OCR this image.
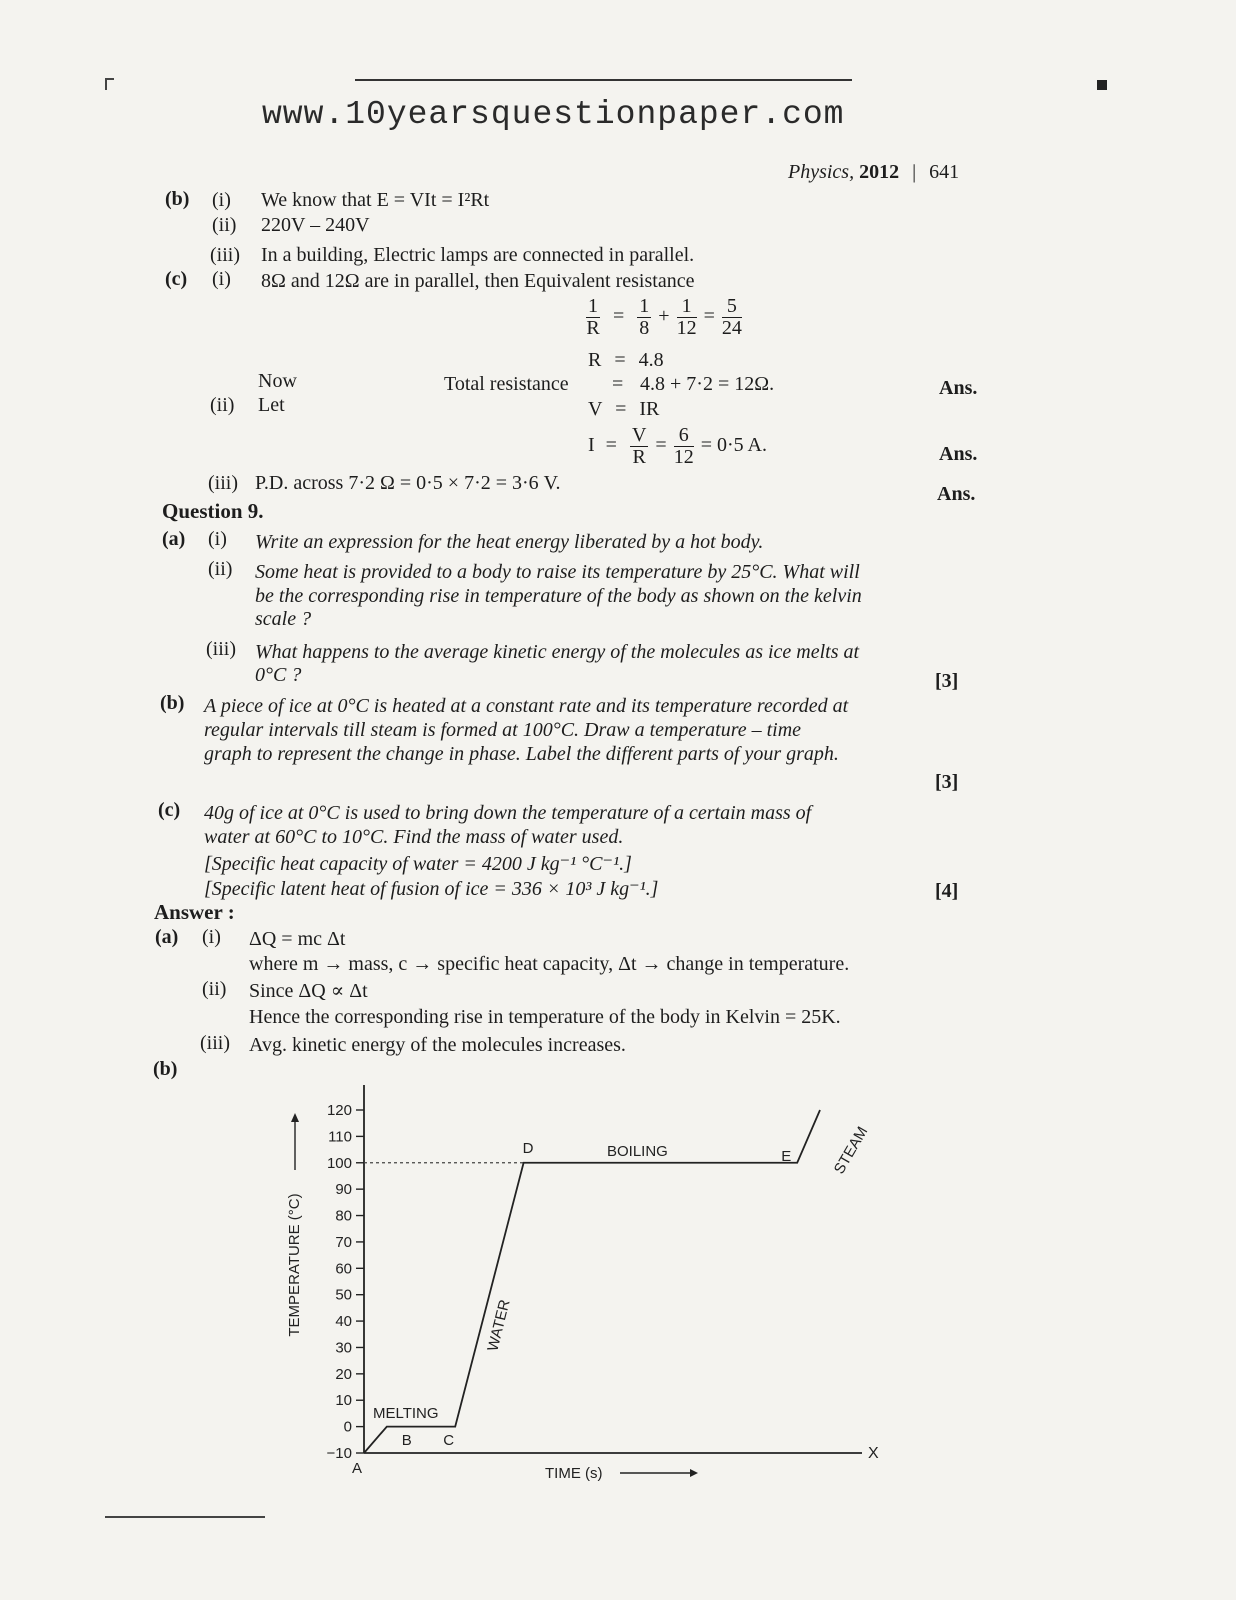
www.10yearsquestionpaper.com
Physics, 2012 | 641
(b) (i) We know that E = VIt = I²Rt
(ii) 220V – 240V
(iii) In a building, Electric lamps are connected in parallel.
(c) (i) 8Ω and 12Ω are in parallel, then Equivalent resistance
$\frac{1}{R} = \frac{1}{8} + \frac{1}{12} = \frac{5}{24}$
R = 4.8
Now	Total resistance = 4.8 + 7·2 = 12Ω.	Ans.
(ii) Let	V = IR
$I = \frac{V}{R} = \frac{6}{12} = 0\cdot 5$ A.	Ans.
(iii) P.D. across 7·2 Ω = 0·5 × 7·2 = 3·6 V.	Ans.
Question 9.
(a) (i) Write an expression for the heat energy liberated by a hot body.
(ii) Some heat is provided to a body to raise its temperature by 25°C. What will
be the corresponding rise in temperature of the body as shown on the kelvin
scale ?
(iii) What happens to the average kinetic energy of the molecules as ice melts at
0°C ?	[3]
(b) A piece of ice at 0°C is heated at a constant rate and its temperature recorded at
regular intervals till steam is formed at 100°C. Draw a temperature – time
graph to represent the change in phase. Label the different parts of your graph.
[3]
(c) 40g of ice at 0°C is used to bring down the temperature of a certain mass of
water at 60°C to 10°C. Find the mass of water used.
[Specific heat capacity of water = 4200 J kg⁻¹ °C⁻¹.]
[Specific latent heat of fusion of ice = 336 × 10³ J kg⁻¹.]	[4]
Answer :
(a) (i) ΔQ = mc Δt
where m → mass, c → specific heat capacity, Δt → change in temperature.
(ii) Since ΔQ ∝ Δt
Hence the corresponding rise in temperature of the body in Kelvin = 25K.
(iii) Avg. kinetic energy of the molecules increases.
(b)
X
TIME (s)
TEMPERATURE (°C)
−10
0
10
20
30
40
50
60
70
80
90
100
110
120
A
B C
D	E
MELTING
WATER
BOILING	STEAM
